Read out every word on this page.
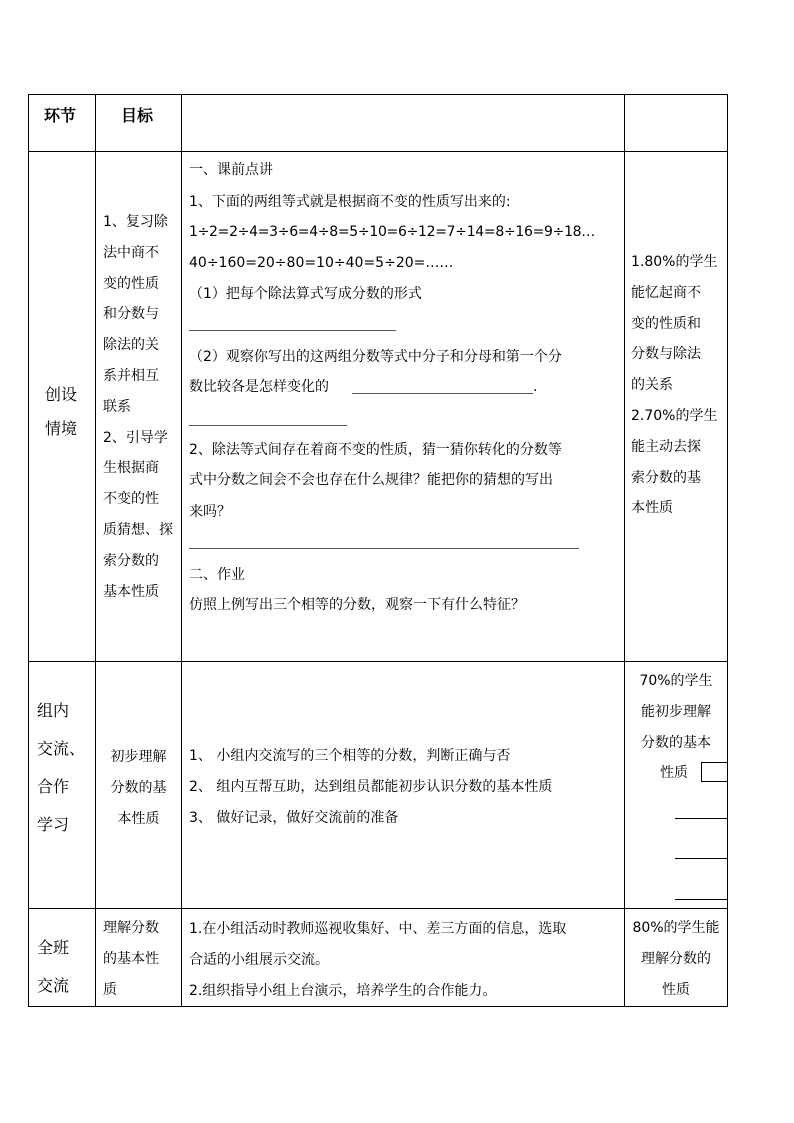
环节	目标
创设
情境
1、复习除
法中商不
变的性质
和分数与
除法的关
系并相互
联系
2、引导学
生根据商
不变的性
质猜想、探
索分数的
基本性质
一、课前点讲
1、下面的两组等式就是根据商不变的性质写出来的:
1÷2=2÷4=3÷6=4÷8=5÷10=6÷12=7÷14=8÷16=9÷18…
40÷160=20÷80=10÷40=5÷20=……
（1）把每个除法算式写成分数的形式
（2）观察你写出的这两组分数等式中分子和分母和第一个分
数比较各是怎样变化的	.
2、除法等式间存在着商不变的性质，猜一猜你转化的分数等
式中分数之间会不会也存在什么规律？能把你的猜想的写出
来吗？
二、作业
仿照上例写出三个相等的分数，观察一下有什么特征？
1.80%的学生
能忆起商不
变的性质和
分数与除法
的关系
2.70%的学生
能主动去探
索分数的基
本性质
组内
交流、
合作
学习
初步理解
分数的基
本性质
1、 小组内交流写的三个相等的分数，判断正确与否
2、 组内互帮互助，达到组员都能初步认识分数的基本性质
3、 做好记录，做好交流前的准备
70%的学生
能初步理解
分数的基本
性质
全班
交流
理解分数
的基本性
质
1.在小组活动时教师巡视收集好、中、差三方面的信息，选取
合适的小组展示交流。
2.组织指导小组上台演示，培养学生的合作能力。
80%的学生能
理解分数的
性质
